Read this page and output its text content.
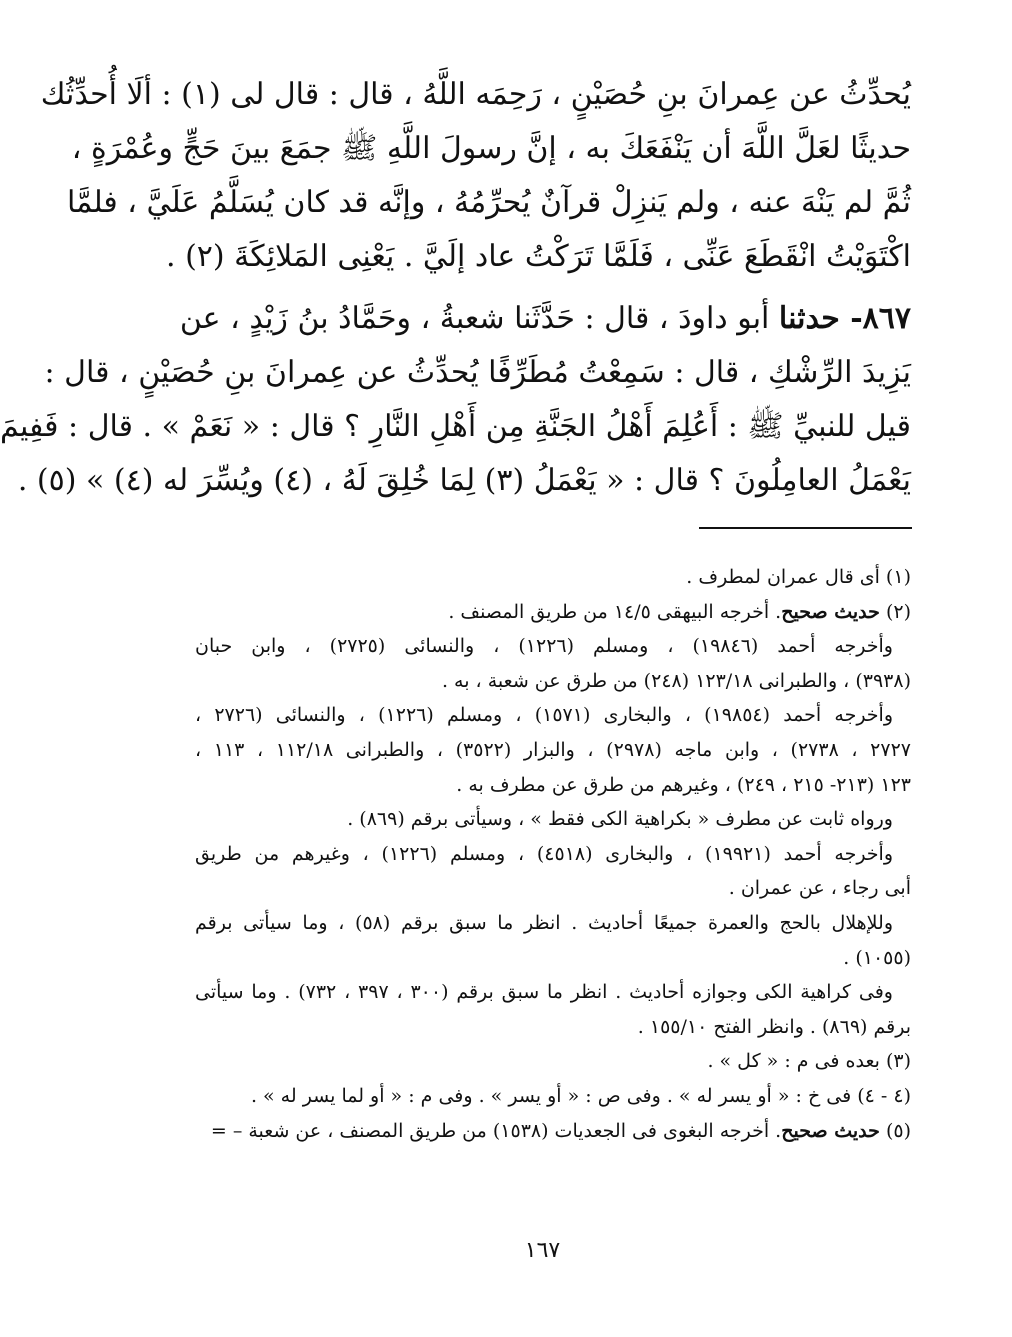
يُحدِّثُ عن عِمرانَ بنِ حُصَيْنٍ ، رَحِمَه اللَّهُ ، قال : قال لى (١) : ألَا أُحدِّثُك
حديثًا لعَلَّ اللَّهَ أن يَنْفَعَكَ به ، إنَّ رسولَ اللَّهِ ﷺ جمَعَ بينَ حَجٍّ وعُمْرَةٍ ،
ثُمَّ لم يَنْهَ عنه ، ولم يَنزِلْ قرآنٌ يُحرِّمُهُ ، وإنَّه قد كان يُسَلَّمُ عَلَيَّ ، فلمَّا
اكْتَوَيْتُ انْقَطَعَ عَنِّى ، فَلَمَّا تَرَكْتُ عاد إلَيَّ . يَعْنِى المَلائِكَةَ (٢) .
٨٦٧- حدثنا أبو داودَ ، قال : حَدَّثَنا شعبةُ ، وحَمَّادُ بنُ زَيْدٍ ، عن
يَزِيدَ الرِّشْكِ ، قال : سَمِعْتُ مُطَرِّفًا يُحدِّثُ عن عِمرانَ بنِ حُصَيْنٍ ، قال :
قيل للنبيِّ ﷺ : أَعُلِمَ أَهْلُ الجَنَّةِ مِن أَهْلِ النَّارِ ؟ قال : « نَعَمْ » . قال : فَفِيمَ
يَعْمَلُ العامِلُونَ ؟ قال : « يَعْمَلُ (٣) لِمَا خُلِقَ لَهُ ، (٤) ويُسِّرَ له (٤) » (٥) .
(١) أى قال عمران لمطرف .
(٢) حديث صحيح. أخرجه البيهقى ١٤/٥ من طريق المصنف .
وأخرجه أحمد (١٩٨٤٦) ، ومسلم (١٢٢٦) ، والنسائى (٢٧٢٥) ، وابن حبان
(٣٩٣٨) ، والطبرانى ١٢٣/١٨ (٢٤٨) من طرق عن شعبة ، به .
وأخرجه أحمد (١٩٨٥٤) ، والبخارى (١٥٧١) ، ومسلم (١٢٢٦) ، والنسائى (٢٧٢٦ ،
٢٧٢٧ ، ٢٧٣٨) ، وابن ماجه (٢٩٧٨) ، والبزار (٣٥٢٢) ، والطبرانى ١١٢/١٨ ، ١١٣ ،
١٢٣ (٢١٣- ٢١٥ ، ٢٤٩) ، وغيرهم من طرق عن مطرف به .
ورواه ثابت عن مطرف « بكراهية الكى فقط » ، وسيأتى برقم (٨٦٩) .
وأخرجه أحمد (١٩٩٢١) ، والبخارى (٤٥١٨) ، ومسلم (١٢٢٦) ، وغيرهم من طريق
أبى رجاء ، عن عمران .
وللإهلال بالحج والعمرة جميعًا أحاديث . انظر ما سبق برقم (٥٨) ، وما سيأتى برقم
(١٠٥٥) .
وفى كراهية الكى وجوازه أحاديث . انظر ما سبق برقم (٣٠٠ ، ٣٩٧ ، ٧٣٢) . وما سيأتى
برقم (٨٦٩) . وانظر الفتح ١٥٥/١٠ .
(٣) بعده فى م : « كل » .
(٤ - ٤) فى خ : « أو يسر له » . وفى ص : « أو يسر » . وفى م : « أو لما يسر له » .
(٥) حديث صحيح. أخرجه البغوى فى الجعديات (١٥٣٨) من طريق المصنف ، عن شعبة – =
١٦٧
